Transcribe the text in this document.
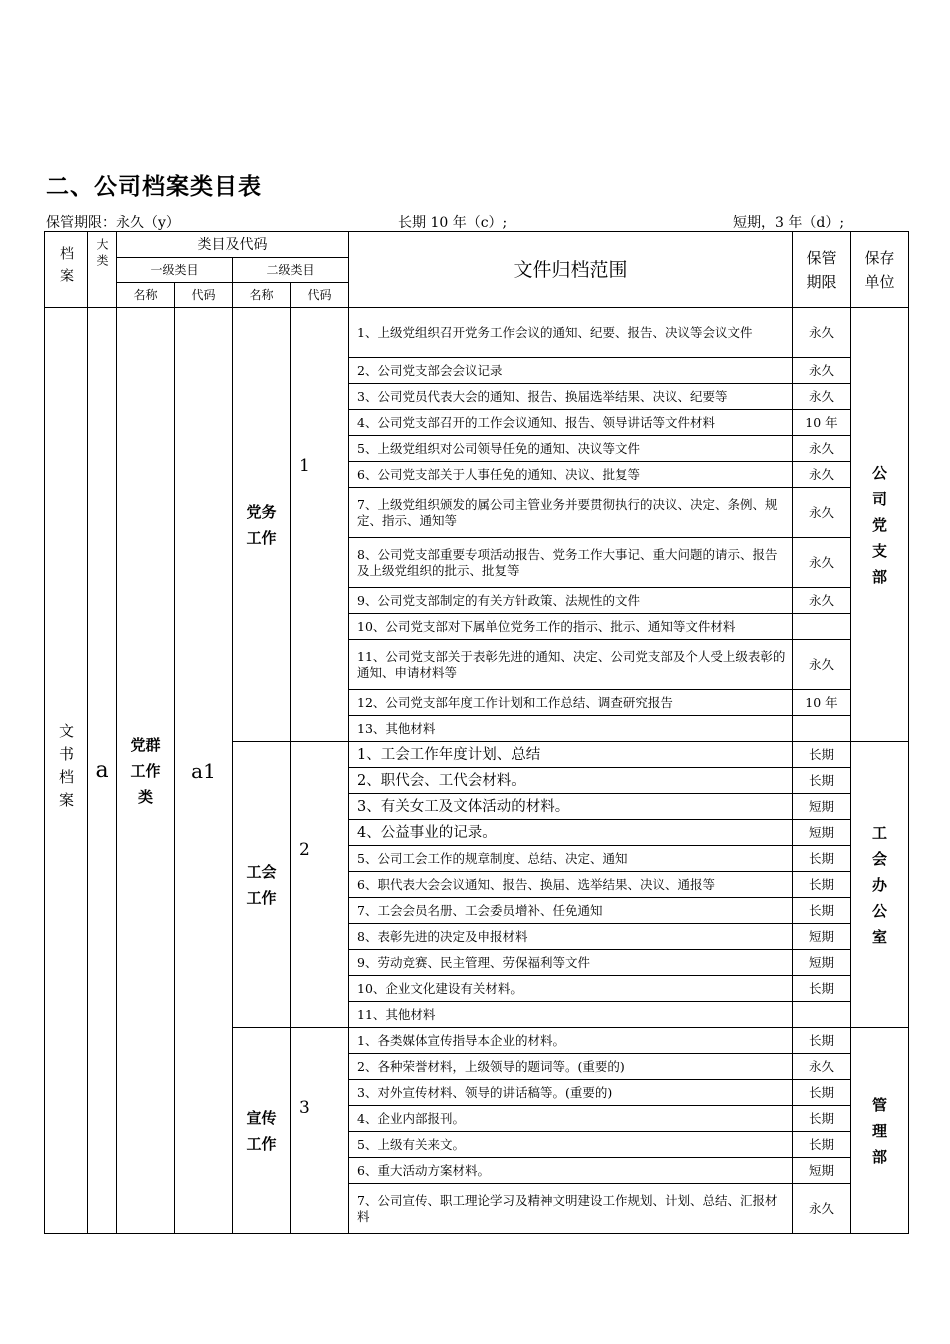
二、公司档案类目表
保管期限：永久（y）	长期 10 年（c）;	短期，3 年（d）;
档案	大类	类目及代码				文件归档范围	保管期限	保存单位
		一级类目		二级类目				
		名称	代码	名称	代码			
文书档案	a	党群工作类	a1	党务工作	1	1、上级党组织召开党务工作会议的通知、纪要、报告、决议等会议文件	永久	公
司
党
支
部

						2、公司党支部会会议记录	永久	
						3、公司党员代表大会的通知、报告、换届选举结果、决议、纪要等	永久	
						4、公司党支部召开的工作会议通知、报告、领导讲话等文件材料	10 年	
						5、上级党组织对公司领导任免的通知、决议等文件	永久	
						6、公司党支部关于人事任免的通知、决议、批复等	永久	
						7、上级党组织颁发的属公司主管业务并要贯彻执行的决议、决定、条例、规定、指示、通知等	永久	
						8、公司党支部重要专项活动报告、党务工作大事记、重大问题的请示、报告及上级党组织的批示、批复等	永久	
						9、公司党支部制定的有关方针政策、法规性的文件	永久	
						10、公司党支部对下属单位党务工作的指示、批示、通知等文件材料		
						11、公司党支部关于表彰先进的通知、决定、公司党支部及个人受上级表彰的通知、申请材料等	永久	
						12、公司党支部年度工作计划和工作总结、调查研究报告	10 年	
						13、其他材料		

				工会工作	2	1、工会工作年度计划、总结	长期	工
会
办
公
室

						2、职代会、工代会材料。	长期	
						3、有关女工及文体活动的材料。	短期	
						4、公益事业的记录。	短期	
						5、公司工会工作的规章制度、总结、决定、通知	长期	
						6、职代表大会会议通知、报告、换届、选举结果、决议、通报等	长期	
						7、工会会员名册、工会委员增补、任免通知	长期	
						8、表彰先进的决定及申报材料	短期	
						9、劳动竞赛、民主管理、劳保福利等文件	短期	
						10、企业文化建设有关材料。	长期	
						11、其他材料		

				宣传工作	3	1、各类媒体宣传指导本企业的材料。	长期	管
理
部

						2、各种荣誉材料，上级领导的题词等。(重要的)	永久	
						3、对外宣传材料、领导的讲话稿等。(重要的)	长期	
						4、企业内部报刊。	长期	
						5、上级有关来文。	长期	
						6、重大活动方案材料。	短期	
						7、公司宣传、职工理论学习及精神文明建设工作规划、计划、总结、汇报材料	永久	
